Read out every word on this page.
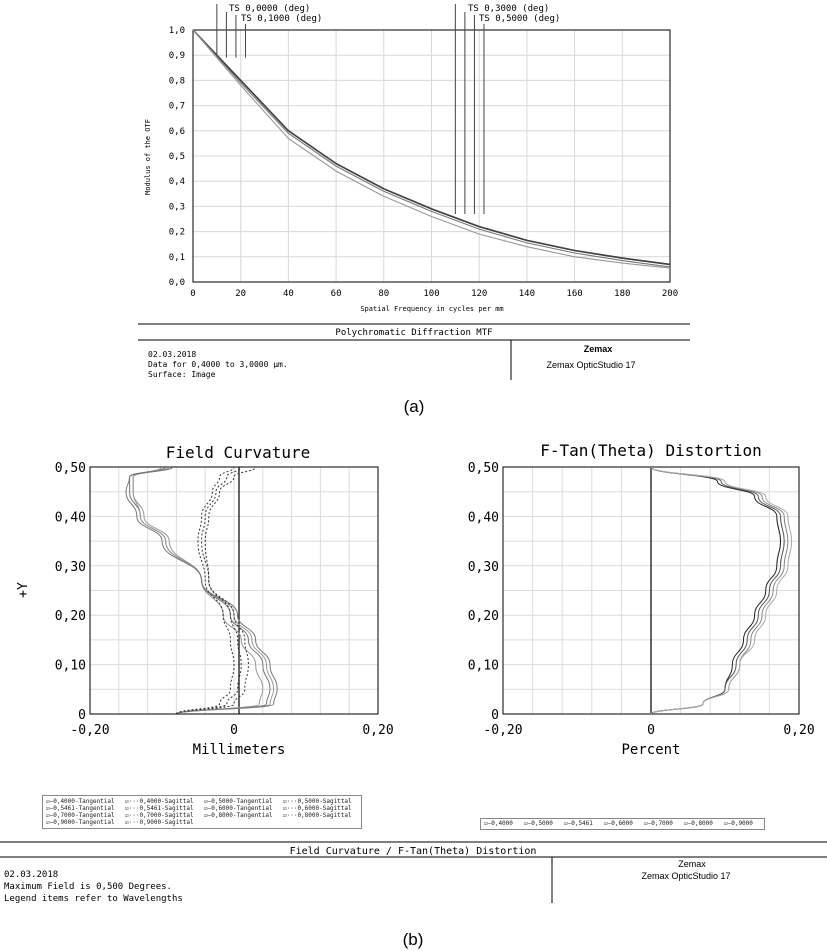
0,0
0,1
0,2
0,3
0,4
0,5
0,6
0,7
0,8
0,9
1,0
0	20	40	60	80	100	120	140	160	180	200
Modulus of the OTF
Spatial Frequency in cycles per mm
TS 0,0000 (deg)
TS 0,1000 (deg)
TS 0,3000 (deg)
TS 0,5000 (deg)
Polychromatic Diffraction MTF
02.03.2018
Data for 0,4000 to 3,0000 µm.
Surface: Image
Zemax
Zemax OpticStudio 17
(a)
Field Curvature
0
0,10
0,20
0,30
0,40
0,50
-0,20	0	0,20
+Y
Millimeters
F-Tan(Theta) Distortion
0
0,10
0,20
0,30
0,40
0,50
-0,20	0	0,20
Percent
Field Curvature / F-Tan(Theta) Distortion
02.03.2018
Maximum Field is 0,500 Degrees.
Legend items refer to Wavelengths
Zemax
Zemax OpticStudio 17
(b)
☑—0,4000-Tangential ☑···0,4000-Sagittal ☑—0,5000-Tangential ☑···0,5000-Sagittal
☑—0,5461-Tangential ☑···0,5461-Sagittal ☑—0,6000-Tangential ☑···0,6000-Sagittal
☑—0,7000-Tangential ☑···0,7000-Sagittal ☑—0,8000-Tangential ☑···0,8000-Sagittal
☑—0,9000-Tangential ☑···0,9000-Sagittal	☑—0,4000 ☑—0,5000 ☑—0,5461 ☑—0,6000 ☑—0,7000 ☑—0,8000 ☑—0,9000
